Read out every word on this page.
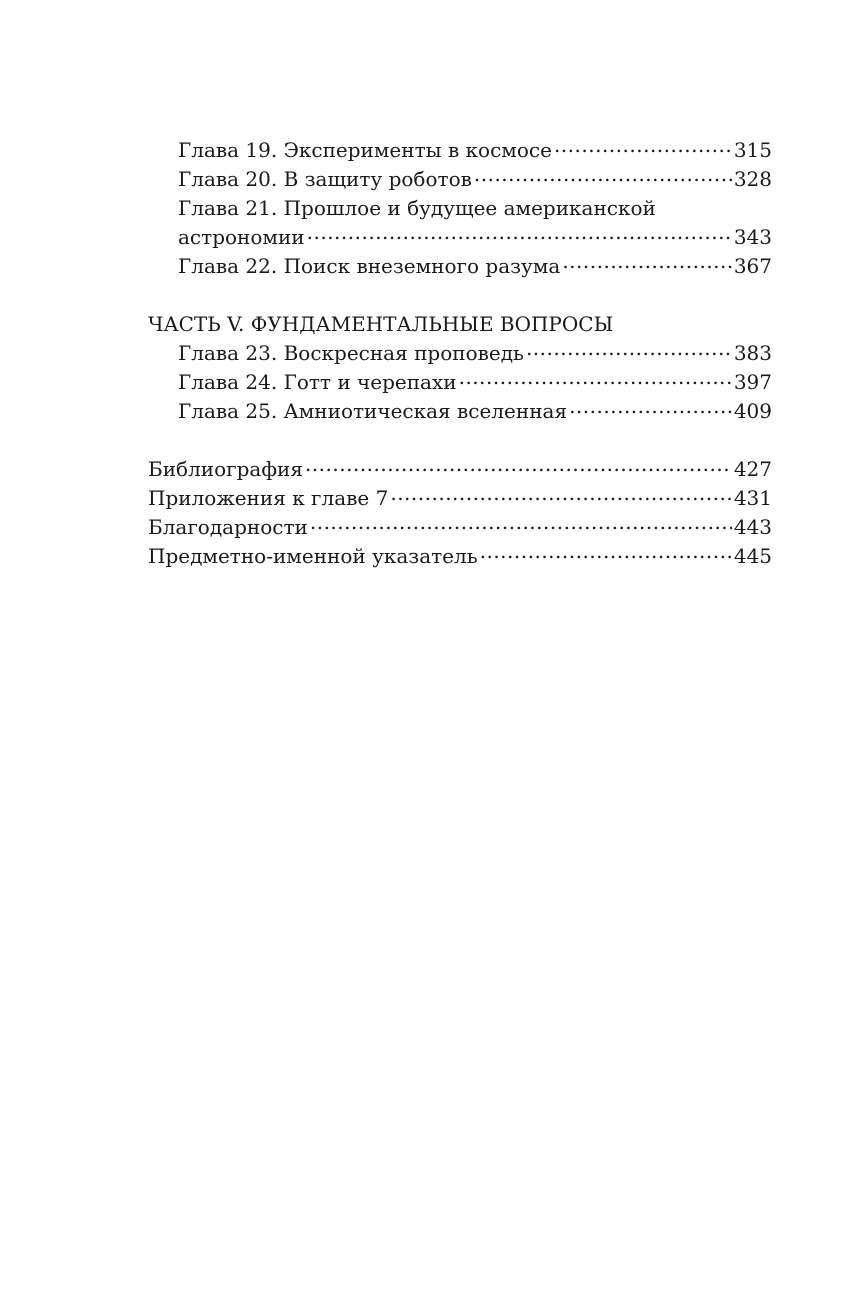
Глава 19. Эксперименты в космосе .....	315
Глава 20. В защиту роботов .....	328
Глава 21. Прошлое и будущее американской
астрономии .....	343
Глава 22. Поиск внеземного разума .....	367
ЧАСТЬ V. ФУНДАМЕНТАЛЬНЫЕ ВОПРОСЫ
Глава 23. Воскресная проповедь .....	383
Глава 24. Готт и черепахи .....	397
Глава 25. Амниотическая вселенная .....	409
Библиография .....	427
Приложения к главе 7 .....	431
Благодарности .....	443
Предметно-именной указатель .....	445
